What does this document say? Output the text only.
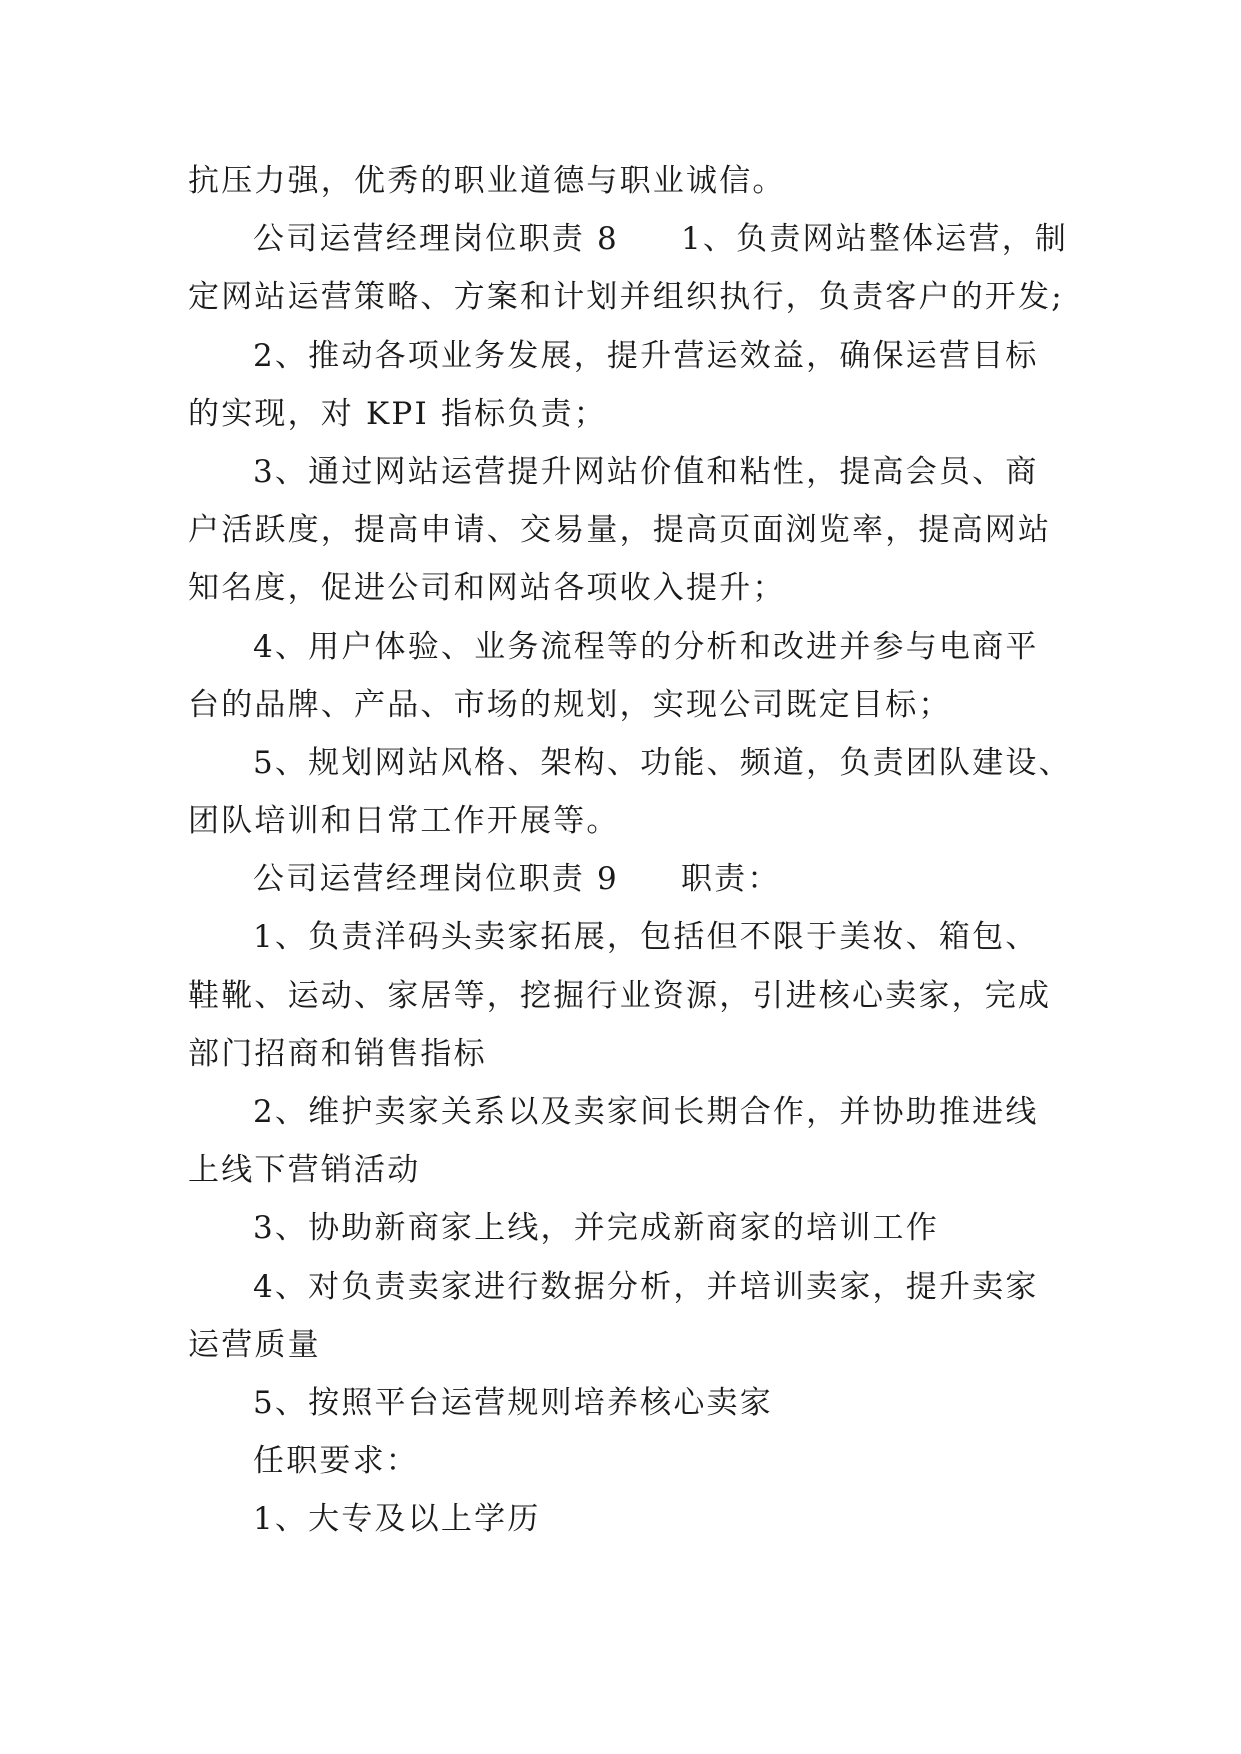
抗压力强，优秀的职业道德与职业诚信。
公司运营经理岗位职责 8 1、负责网站整体运营，制
定网站运营策略、方案和计划并组织执行，负责客户的开发;
2、推动各项业务发展，提升营运效益，确保运营目标
的实现，对 KPI 指标负责；
3、通过网站运营提升网站价值和粘性，提高会员、商
户活跃度，提高申请、交易量，提高页面浏览率，提高网站
知名度，促进公司和网站各项收入提升；
4、用户体验、业务流程等的分析和改进并参与电商平
台的品牌、产品、市场的规划，实现公司既定目标；
5、规划网站风格、架构、功能、频道，负责团队建设、
团队培训和日常工作开展等。
公司运营经理岗位职责 9 职责：
1、负责洋码头卖家拓展，包括但不限于美妆、箱包、
鞋靴、运动、家居等，挖掘行业资源，引进核心卖家，完成
部门招商和销售指标
2、维护卖家关系以及卖家间长期合作，并协助推进线
上线下营销活动
3、协助新商家上线，并完成新商家的培训工作
4、对负责卖家进行数据分析，并培训卖家，提升卖家
运营质量
5、按照平台运营规则培养核心卖家
任职要求：
1、大专及以上学历
